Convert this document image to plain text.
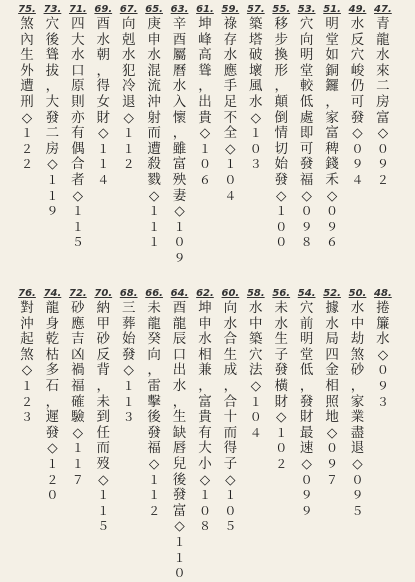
47.
青
龍
水
來
二
房
富
◇
０
９
２
49.
水
反
穴
峻
仍
可
發
◇
０
９
４
51.
明
堂
如
銅
鑼
，
家
富
稗
錢
禾
◇
０
９
６
53.
穴
向
明
堂
較
低
處
即
可
發
福
◇
０
９
８
55.
移
步
換
形
，
顛
倒
情
切
始
發
◇
１
０
０
57.
築
塔
破
壞
風
水
◇
１
０
３
59.
祿
存
水
應
手
足
不
全
◇
１
０
４
61.
坤
峰
高
聳
，
出
貴
◇
１
０
６
63.
辛
酉
屬
曆
水
入
懷
，
雖
富
殃
妻
◇
１
０
９
65.
庚
申
水
混
流
沖
射
而
遭
殺
戮
◇
１
１
１
67.
向
剋
水
犯
冷
退
◇
１
１
２
69.
酉
水
朝
，
得
女
財
◇
１
１
４
71.
四
大
水
口
原
則
亦
有
偶
合
者
◇
１
１
５
73.
穴
後
聳
拔
，
大
發
二
房
◇
１
１
９
75.
煞
內
生
外
遭
刑
◇
１
２
２
48.
捲
簾
水
◇
０
９
３
50.
水
中
劫
煞
砂
，
家
業
盡
退
◇
０
９
５
52.
據
水
局
四
金
相
照
地
◇
０
９
７
54.
穴
前
明
堂
低
，
發
財
最
速
◇
０
９
９
56.
未
水
生
子
發
橫
財
◇
１
０
２
58.
水
中
築
穴
法
◇
１
０
４
60.
向
水
合
生
成
，
合
十
而
得
子
◇
１
０
５
62.
坤
申
水
相
兼
，
富
貴
有
大
小
◇
１
０
８
64.
酉
龍
辰
口
出
水
，
生
缺
唇
兒
後
發
富
◇
１
１
０
66.
未
龍
癸
向
，
雷
擊
後
發
福
◇
１
１
２
68.
三
葬
始
發
◇
１
１
３
70.
納
甲
砂
反
背
，
未
到
任
而
歿
◇
１
１
５
72.
砂
應
吉
凶
禍
福
確
驗
◇
１
１
７
74.
龍
身
乾
枯
多
石
，
遲
發
◇
１
２
０
76.
對
沖
起
煞
◇
１
２
３
